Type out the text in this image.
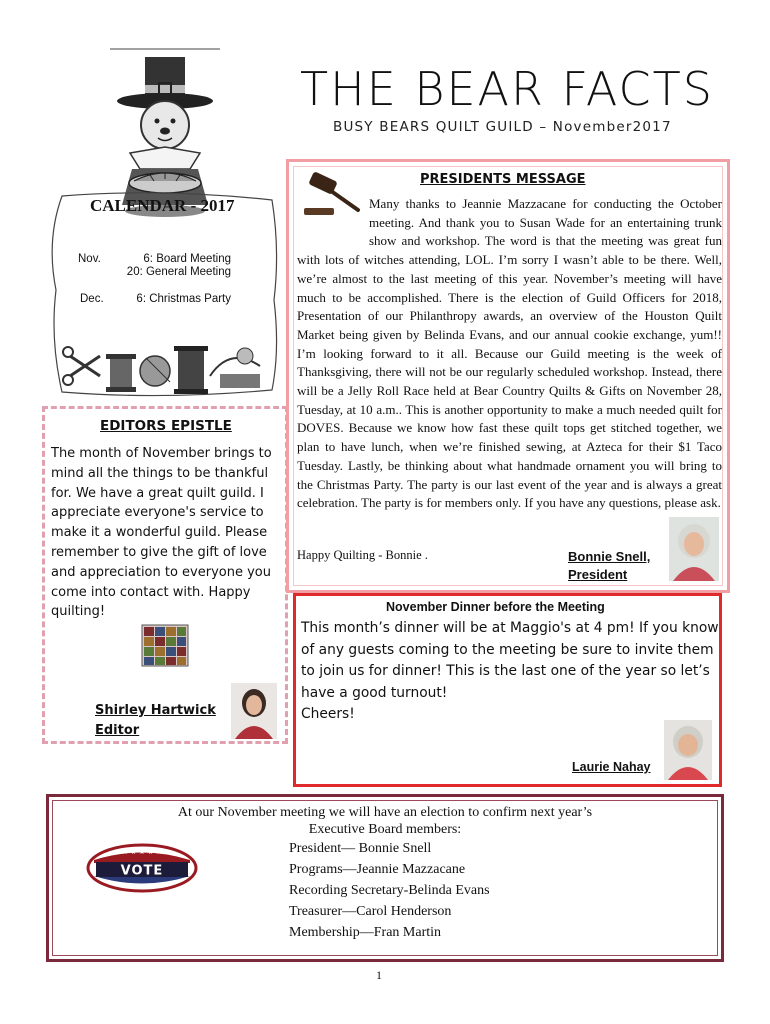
THE BEAR FACTS
BUSY BEARS QUILT GUILD – November2017
CALENDAR - 2017
Nov.	6: Board Meeting
20: General Meeting
Dec.	6: Christmas Party
EDITORS EPISTLE
The month of November brings to mind all the things to be thankful for. We have a great quilt guild. I appreciate everyone's service to make it a wonderful guild. Please remember to give the gift of love and appreciation to everyone you come into contact with. Happy quilting!
Shirley Hartwick
Editor
PRESIDENTS MESSAGE
Many thanks to Jeannie Mazzacane for conducting the October meeting. And thank you to Susan Wade for an entertaining trunk show and workshop. The word is that the meeting was great fun with lots of witches attending, LOL. I’m sorry I wasn’t able to be there. Well, we’re almost to the last meeting of this year. November’s meeting will have much to be accomplished. There is the election of Guild Officers for 2018, Presentation of our Philanthropy awards, an overview of the Houston Quilt Market being given by Belinda Evans, and our annual cookie exchange, yum!! I’m looking forward to it all. Because our Guild meeting is the week of Thanksgiving, there will not be our regularly scheduled workshop. Instead, there will be a Jelly Roll Race held at Bear Country Quilts & Gifts on November 28, Tuesday, at 10 a.m.. This is another opportunity to make a much needed quilt for DOVES. Because we know how fast these quilt tops get stitched together, we plan to have lunch, when we’re finished sewing, at Azteca for their $1 Taco Tuesday. Lastly, be thinking about what handmade ornament you will bring to the Christmas Party. The party is our last event of the year and is always a great celebration. The party is for members only. If you have any questions, please ask.
Happy Quilting - Bonnie .	Bonnie Snell,
President
November Dinner before the Meeting
This month’s dinner will be at Maggio's at 4 pm! If you know of any guests coming to the meeting be sure to invite them to join us for dinner! This is the last one of the year so let’s have a good turnout!
Cheers!
Laurie Nahay
At our November meeting we will have an election to confirm next year’s
Executive Board members:
President— Bonnie Snell
Programs—Jeannie Mazzacane
Recording Secretary-Belinda Evans
Treasurer—Carol Henderson
Membership—Fran Martin
★ ★ ★ ★ ★
★ ★ ★ ★ ★
VOTE
1
